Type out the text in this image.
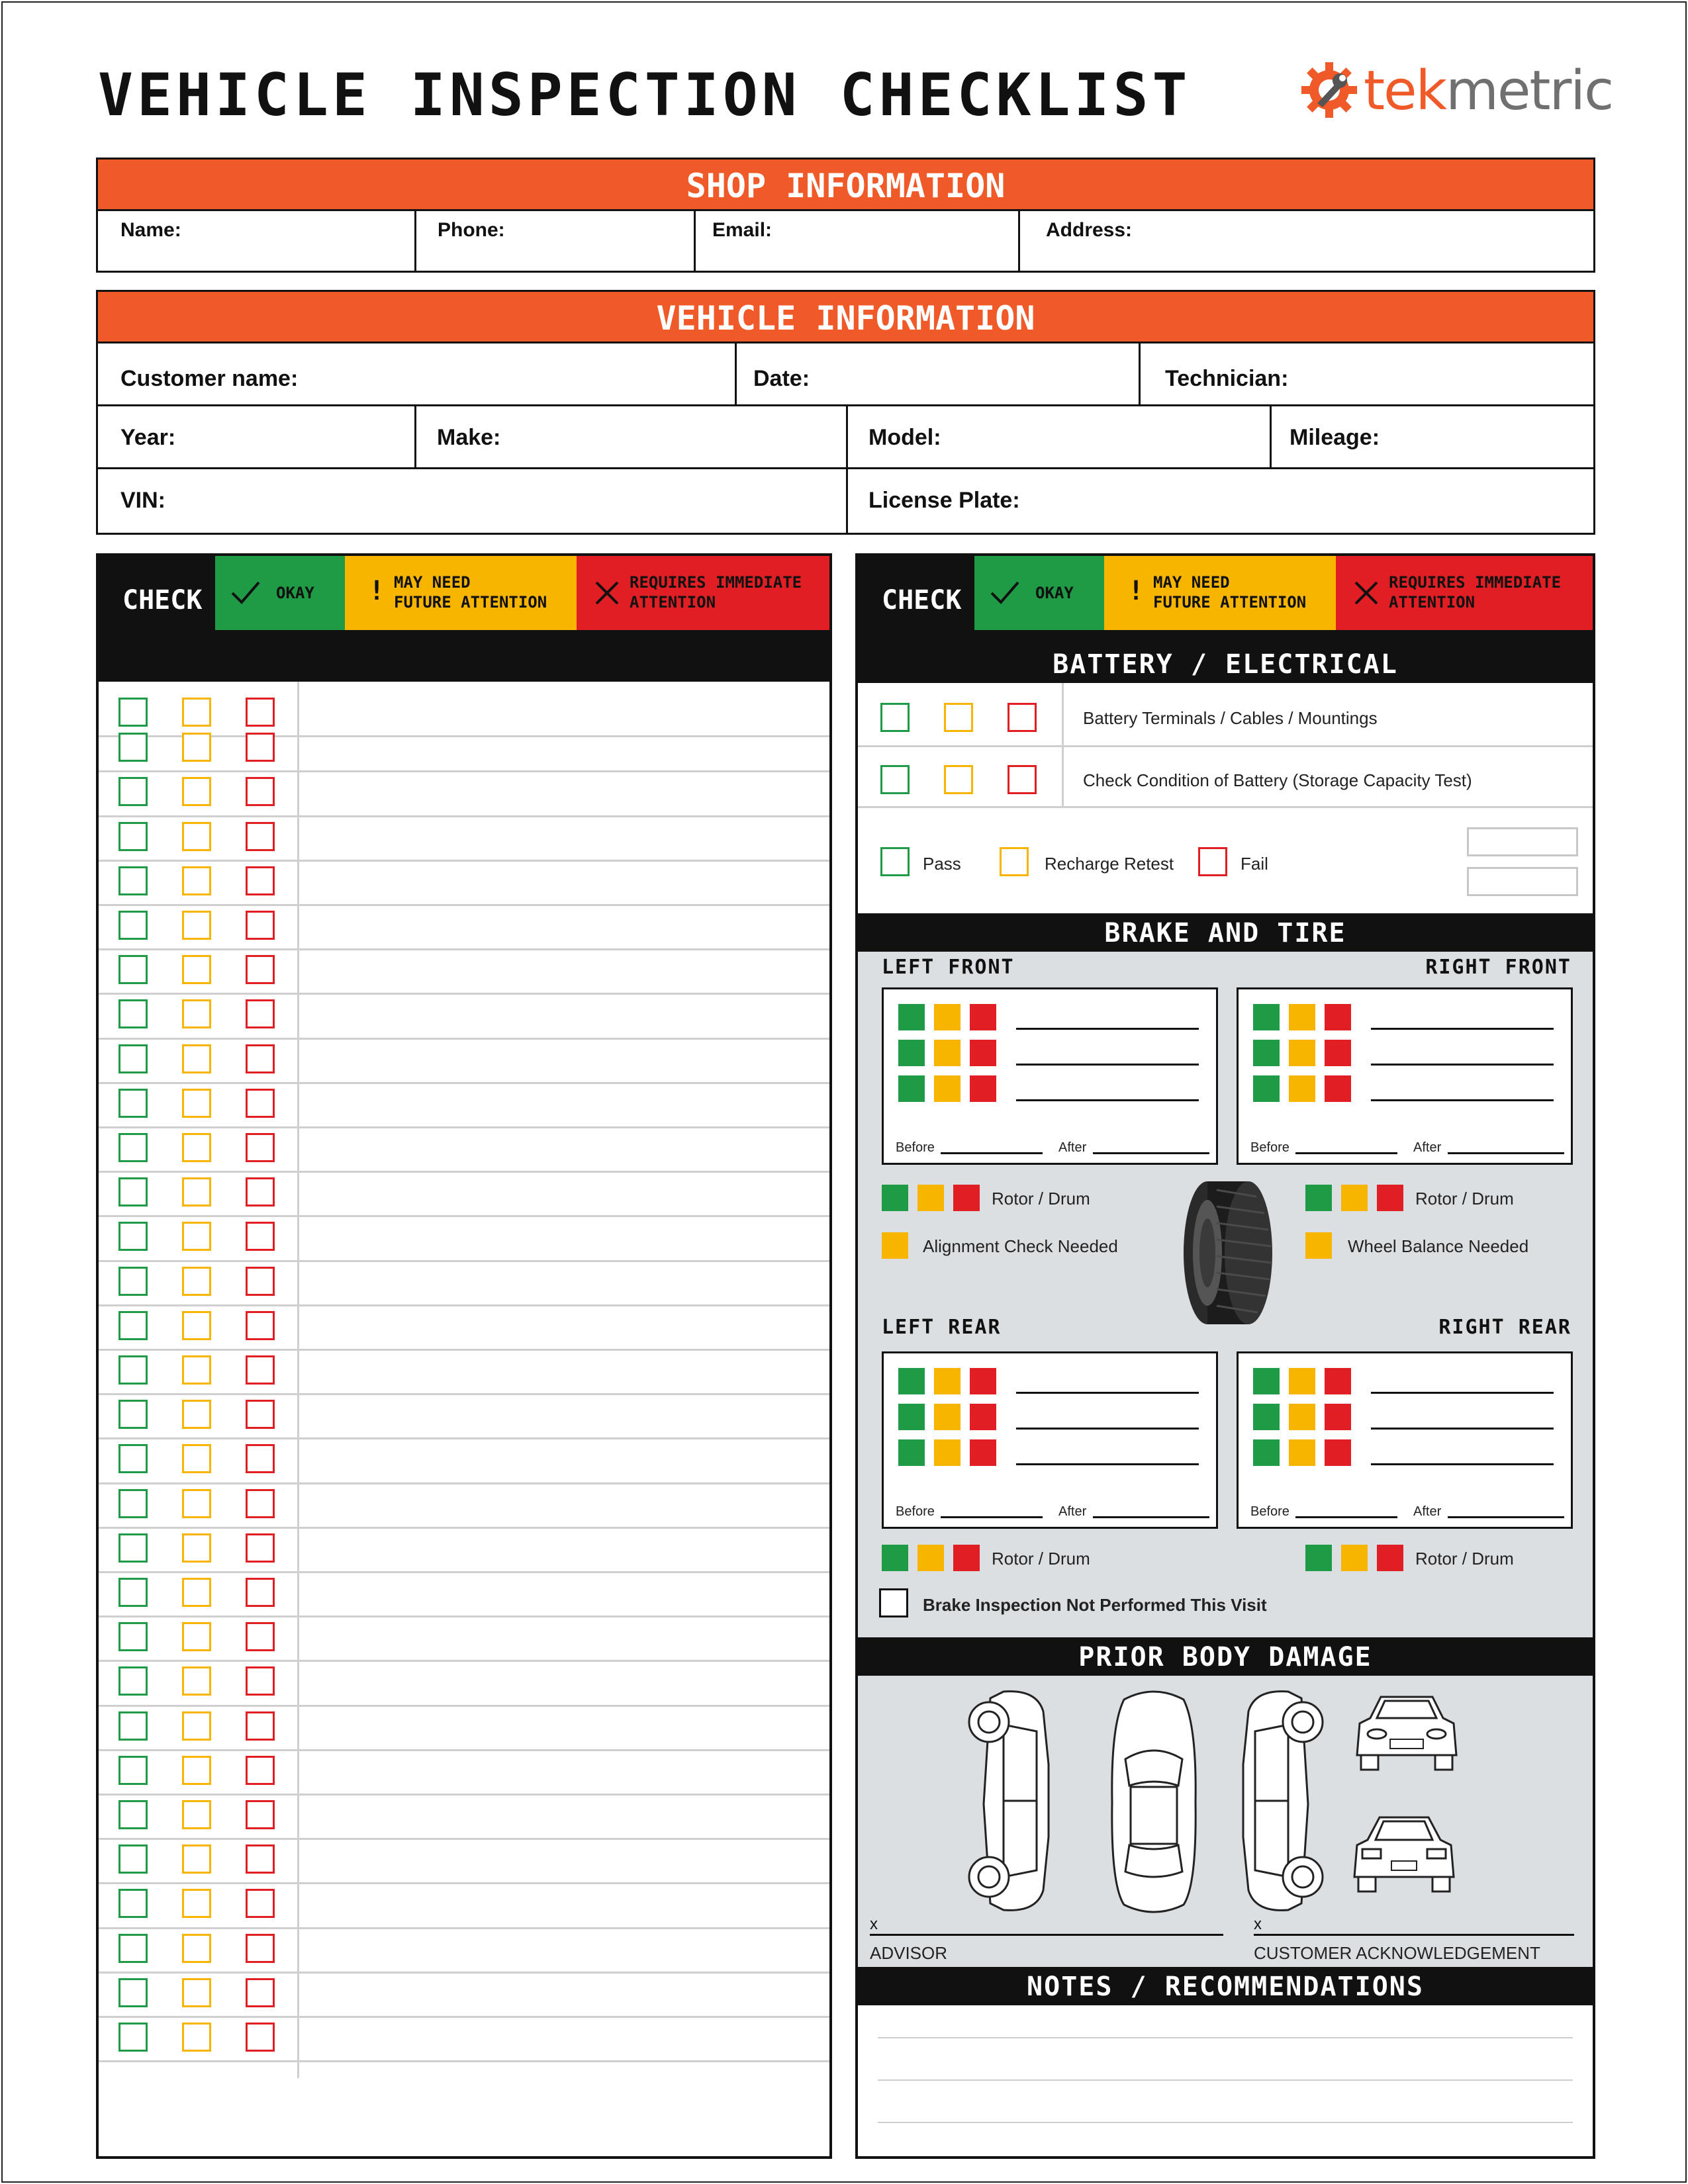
VEHICLE INSPECTION CHECKLIST	tekmetric
SHOP INFORMATION
Name:	Phone:	Email:	Address:
VEHICLE INFORMATION
Customer name:	Date:	Technician:
Year:	Make:	Model:	Mileage:
VIN:	License Plate:
CHECK	OKAY ! MAY NEED
FUTURE ATTENTION
REQUIRES IMMEDIATE
ATTENTION	CHECK	OKAY ! MAY NEED
FUTURE ATTENTION
REQUIRES IMMEDIATE
ATTENTION
BATTERY / ELECTRICAL
Battery Terminals / Cables / Mountings
Check Condition of Battery (Storage Capacity Test)
Pass	Recharge Retest	Fail
BRAKE AND TIRE
LEFT FRONT	RIGHT FRONT
Before	After	Before	After
Rotor / Drum
Alignment Check Needed
Rotor / Drum
Wheel Balance Needed
LEFT REAR	RIGHT REAR
Before	After	Before	After
Rotor / Drum	Rotor / Drum
Brake Inspection Not Performed This Visit
PRIOR BODY DAMAGE
x
ADVISOR
x
CUSTOMER ACKNOWLEDGEMENT
NOTES / RECOMMENDATIONS
